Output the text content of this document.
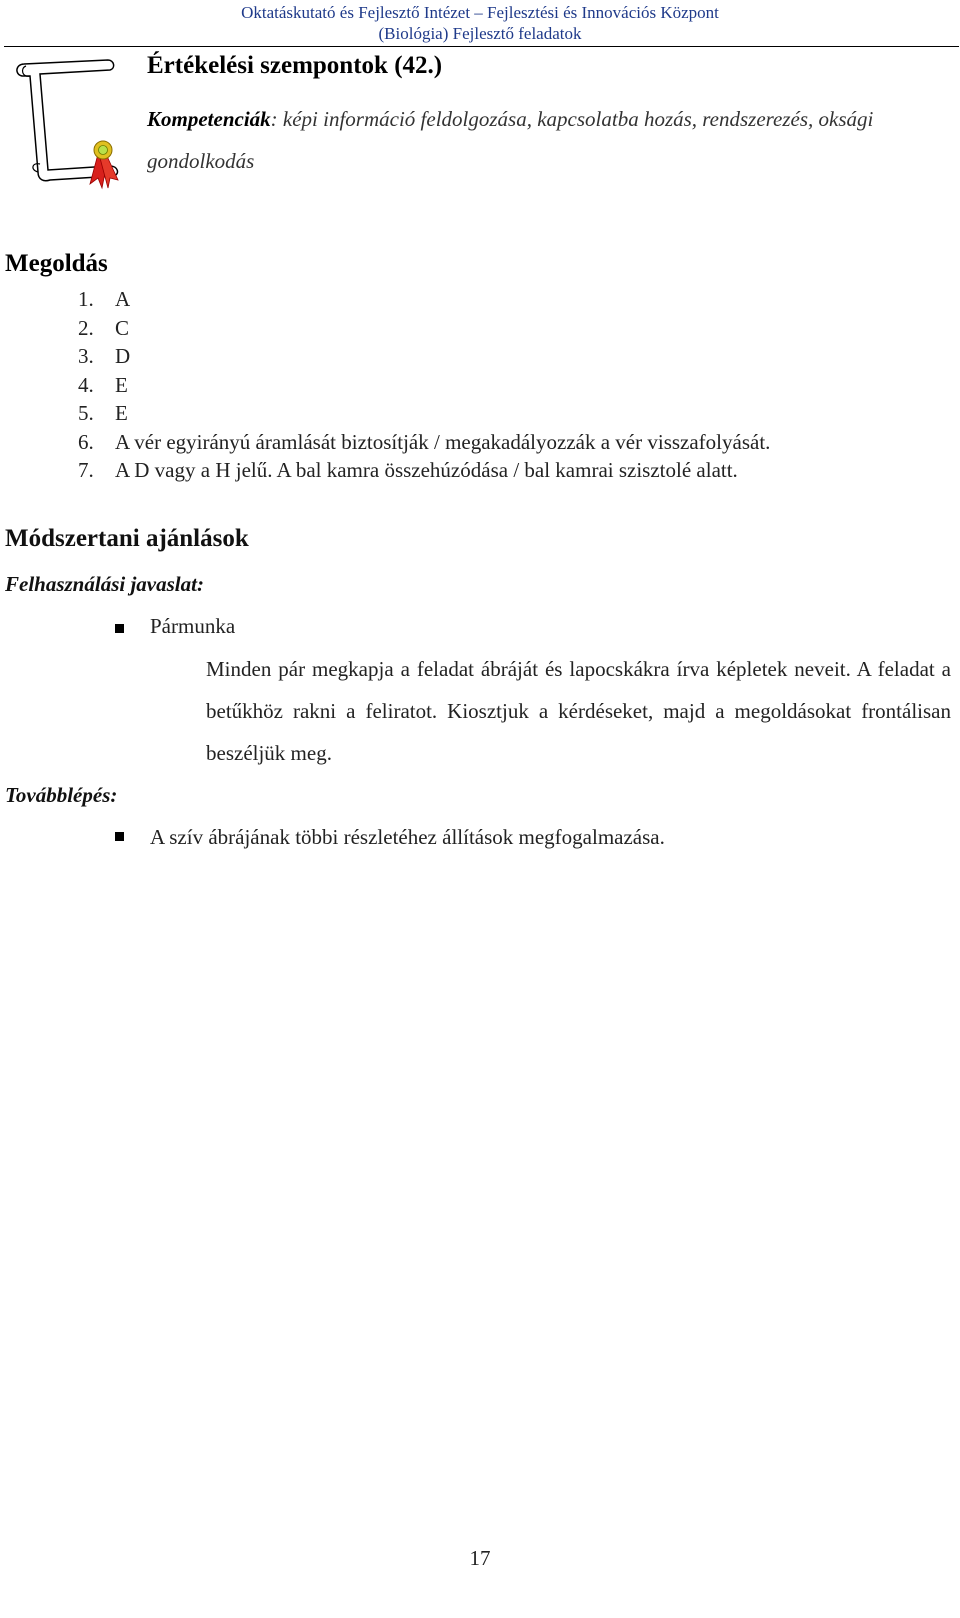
Oktatáskutató és Fejlesztő Intézet – Fejlesztési és Innovációs Központ
(Biológia) Fejlesztő feladatok
Értékelési szempontok (42.)
Kompetenciák: képi információ feldolgozása, kapcsolatba hozás, rendszerezés, oksági gondolkodás
Megoldás
1.	A
2.	C
3.	D
4.	E
5.	E
6.	A vér egyirányú áramlását biztosítják / megakadályozzák a vér visszafolyását.
7.	A D vagy a H jelű. A bal kamra összehúzódása / bal kamrai szisztolé alatt.
Módszertani ajánlások
Felhasználási javaslat:
Pármunka
Minden pár megkapja a feladat ábráját és lapocskákra írva képletek neveit. A feladat a betűkhöz rakni a feliratot. Kiosztjuk a kérdéseket, majd a megoldásokat frontálisan beszéljük meg.
Továbblépés:
A szív ábrájának többi részletéhez állítások megfogalmazása.
17
